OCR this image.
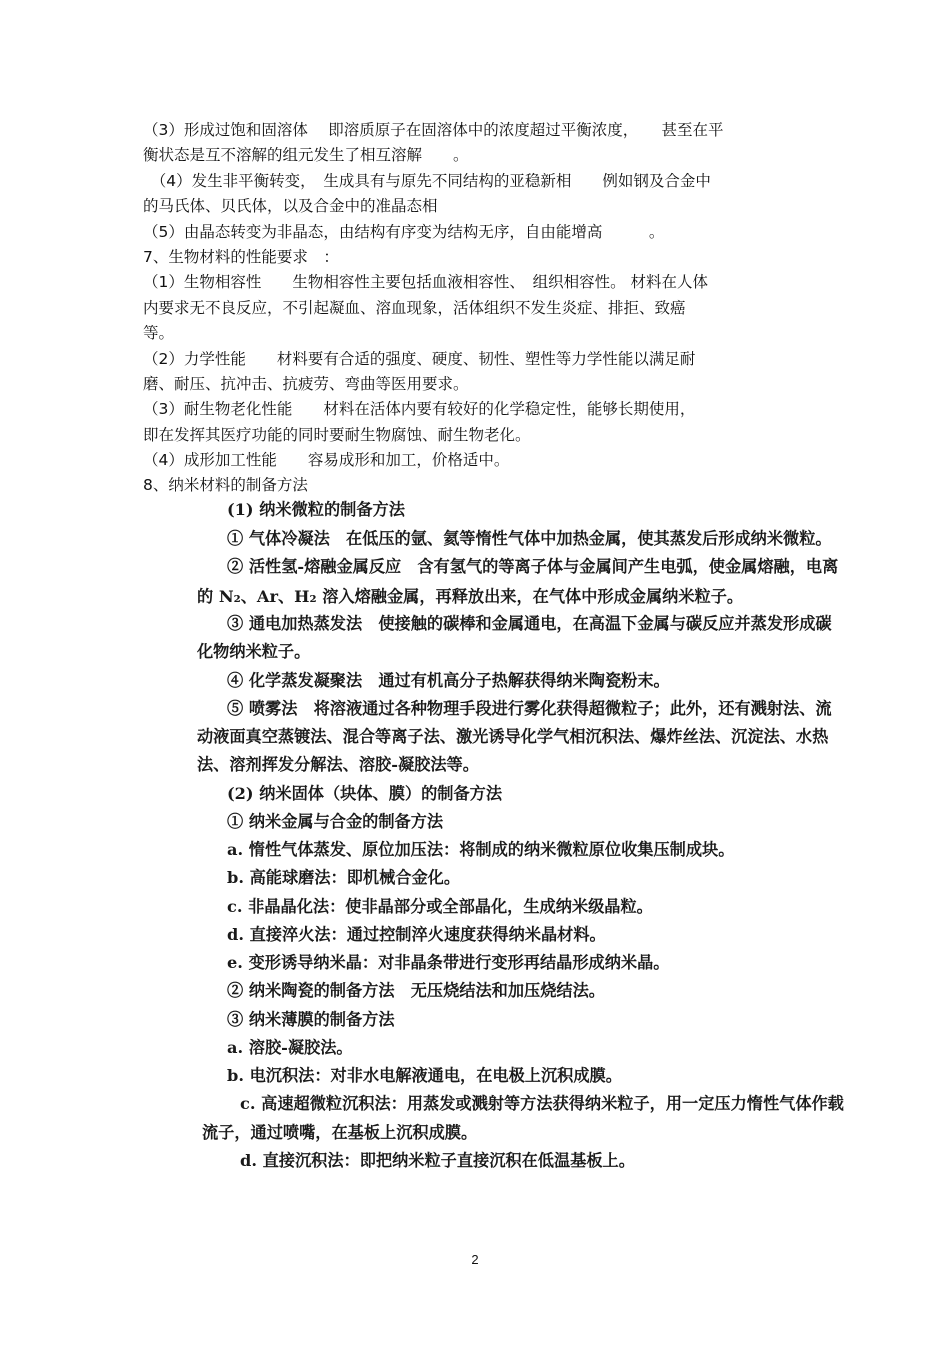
（3）形成过饱和固溶体　 即溶质原子在固溶体中的浓度超过平衡浓度，　　甚至在平
衡状态是互不溶解的组元发生了相互溶解　　。
　（4）发生非平衡转变，　生成具有与原先不同结构的亚稳新相　　例如钢及合金中
的马氏体、贝氏体，以及合金中的准晶态相
（5）由晶态转变为非晶态，由结构有序变为结构无序，自由能增高　　　。
7、生物材料的性能要求　：
（1）生物相容性　　生物相容性主要包括血液相容性、　组织相容性。 材料在人体
内要求无不良反应，不引起凝血、溶血现象，活体组织不发生炎症、排拒、致癌
等。
（2）力学性能　　材料要有合适的强度、硬度、韧性、塑性等力学性能以满足耐
磨、耐压、抗冲击、抗疲劳、弯曲等医用要求。
（3）耐生物老化性能　　材料在活体内要有较好的化学稳定性，能够长期使用，
即在发挥其医疗功能的同时要耐生物腐蚀、耐生物老化。
（4）成形加工性能　　容易成形和加工，价格适中。
8、纳米材料的制备方法
(1) 纳米微粒的制备方法
① 气体冷凝法　在低压的氩、氦等惰性气体中加热金属，使其蒸发后形成纳米微粒。
② 活性氢-熔融金属反应　含有氢气的等离子体与金属间产生电弧，使金属熔融，电离
的 N₂、Ar、H₂ 溶入熔融金属，再释放出来，在气体中形成金属纳米粒子。
③ 通电加热蒸发法　使接触的碳棒和金属通电，在高温下金属与碳反应并蒸发形成碳
化物纳米粒子。
④ 化学蒸发凝聚法　通过有机高分子热解获得纳米陶瓷粉末。
⑤ 喷雾法　将溶液通过各种物理手段进行雾化获得超微粒子；此外，还有溅射法、流
动液面真空蒸镀法、混合等离子法、激光诱导化学气相沉积法、爆炸丝法、沉淀法、水热
法、溶剂挥发分解法、溶胶-凝胶法等。
(2) 纳米固体（块体、膜）的制备方法
① 纳米金属与合金的制备方法
a. 惰性气体蒸发、原位加压法：将制成的纳米微粒原位收集压制成块。
b. 高能球磨法：即机械合金化。
c. 非晶晶化法：使非晶部分或全部晶化，生成纳米级晶粒。
d. 直接淬火法：通过控制淬火速度获得纳米晶材料。
e. 变形诱导纳米晶：对非晶条带进行变形再结晶形成纳米晶。
② 纳米陶瓷的制备方法　无压烧结法和加压烧结法。
③ 纳米薄膜的制备方法
a. 溶胶-凝胶法。
b. 电沉积法：对非水电解液通电，在电极上沉积成膜。
c. 高速超微粒沉积法：用蒸发或溅射等方法获得纳米粒子，用一定压力惰性气体作载
流子，通过喷嘴，在基板上沉积成膜。
d. 直接沉积法：即把纳米粒子直接沉积在低温基板上。
2
